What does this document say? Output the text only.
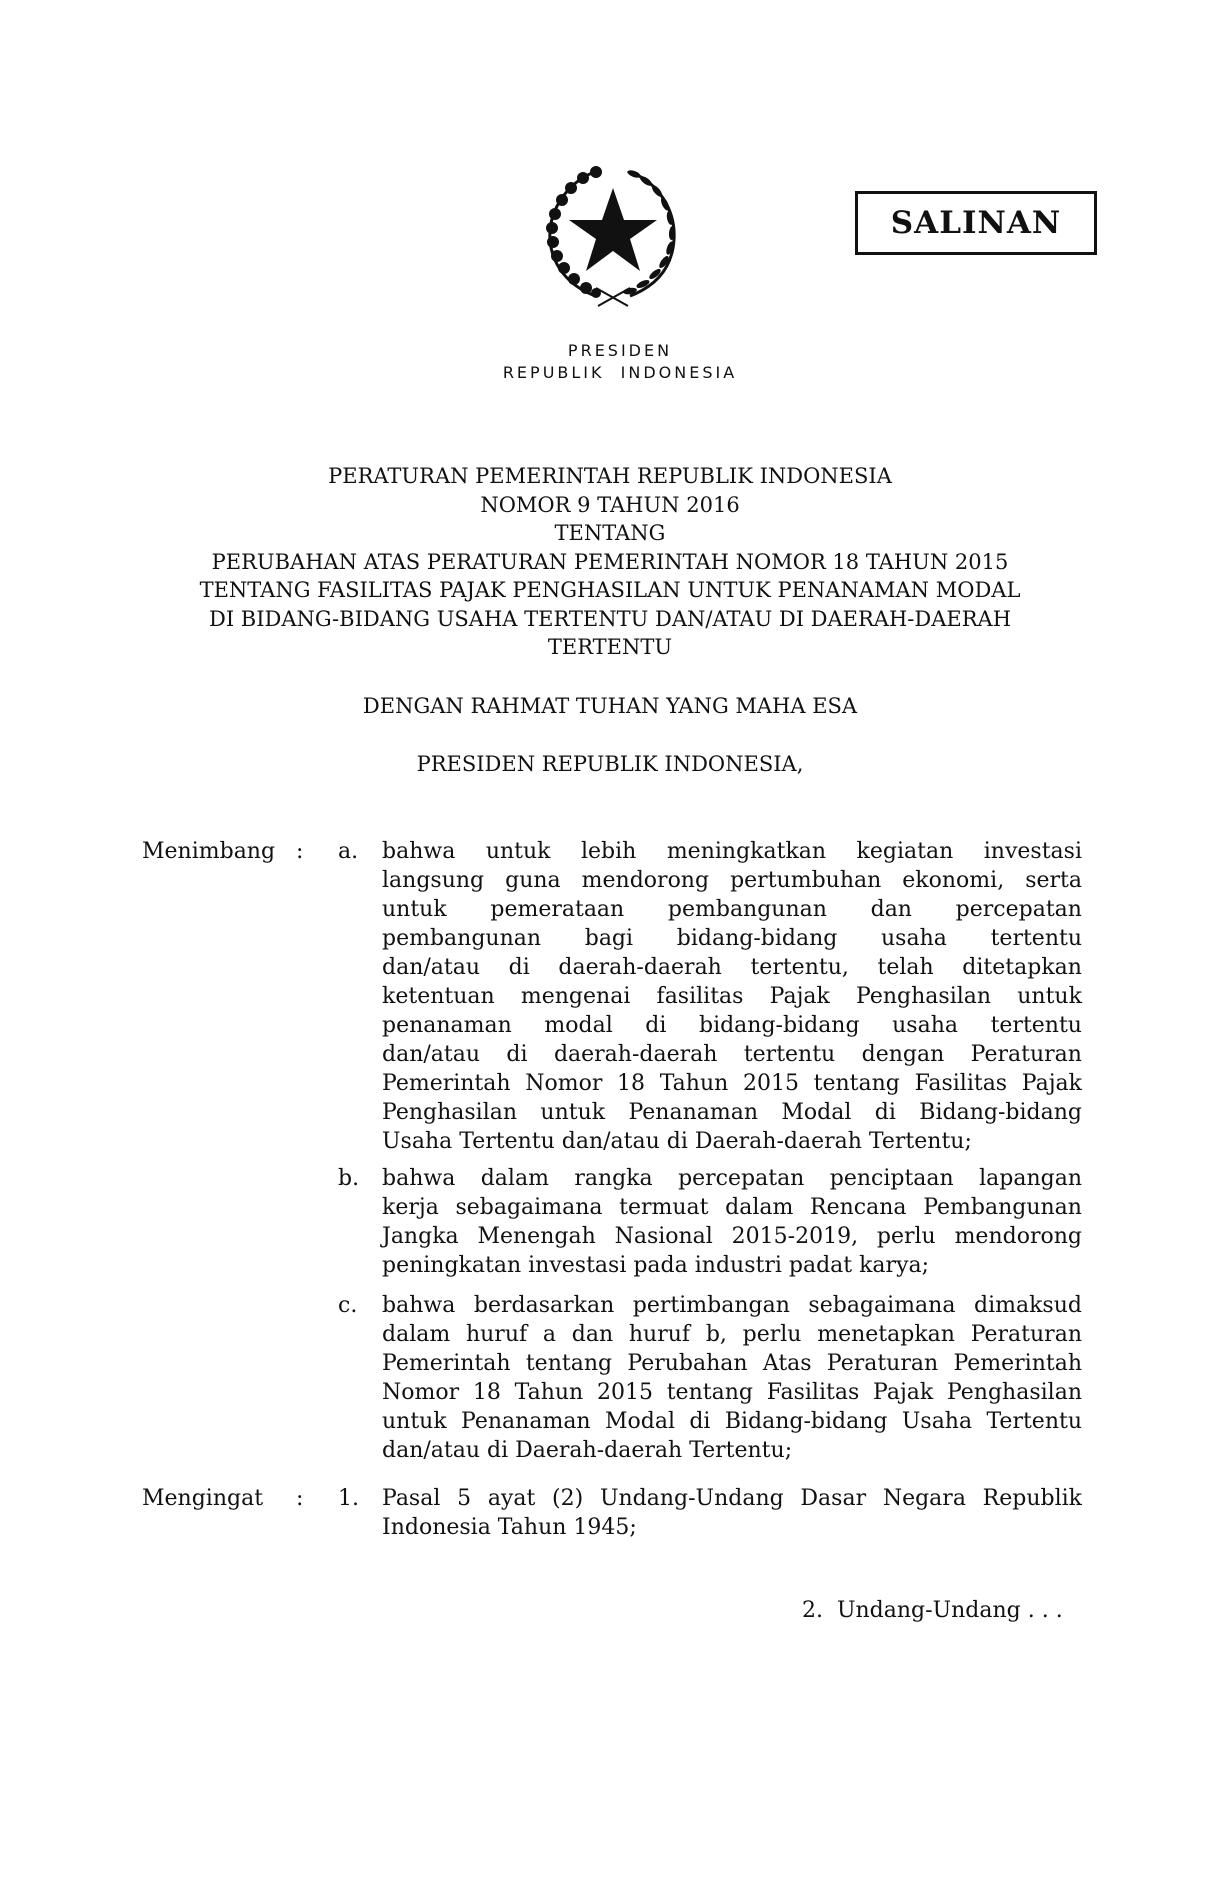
SALINAN
PRESIDEN
REPUBLIK  INDONESIA
PERATURAN PEMERINTAH REPUBLIK INDONESIA
NOMOR 9 TAHUN 2016
TENTANG
PERUBAHAN ATAS PERATURAN PEMERINTAH NOMOR 18 TAHUN 2015
TENTANG FASILITAS PAJAK PENGHASILAN UNTUK PENANAMAN MODAL
DI BIDANG-BIDANG USAHA TERTENTU DAN/ATAU DI DAERAH-DAERAH
TERTENTU
DENGAN RAHMAT TUHAN YANG MAHA ESA
PRESIDEN REPUBLIK INDONESIA,
Menimbang : a. bahwa untuk lebih meningkatkan kegiatan investasi
langsung guna mendorong pertumbuhan ekonomi, serta
untuk pemerataan pembangunan dan percepatan
pembangunan bagi bidang-bidang usaha tertentu
dan/atau di daerah-daerah tertentu, telah ditetapkan
ketentuan mengenai fasilitas Pajak Penghasilan untuk
penanaman modal di bidang-bidang usaha tertentu
dan/atau di daerah-daerah tertentu dengan Peraturan
Pemerintah Nomor 18 Tahun 2015 tentang Fasilitas Pajak
Penghasilan untuk Penanaman Modal di Bidang-bidang
Usaha Tertentu dan/atau di Daerah-daerah Tertentu;
b. bahwa dalam rangka percepatan penciptaan lapangan
kerja sebagaimana termuat dalam Rencana Pembangunan
Jangka Menengah Nasional 2015-2019, perlu mendorong
peningkatan investasi pada industri padat karya;
c. bahwa berdasarkan pertimbangan sebagaimana dimaksud
dalam huruf a dan huruf b, perlu menetapkan Peraturan
Pemerintah tentang Perubahan Atas Peraturan Pemerintah
Nomor 18 Tahun 2015 tentang Fasilitas Pajak Penghasilan
untuk Penanaman Modal di Bidang-bidang Usaha Tertentu
dan/atau di Daerah-daerah Tertentu;
Mengingat : 1. Pasal 5 ayat (2) Undang-Undang Dasar Negara Republik
Indonesia Tahun 1945;
2.  Undang-Undang . . .
